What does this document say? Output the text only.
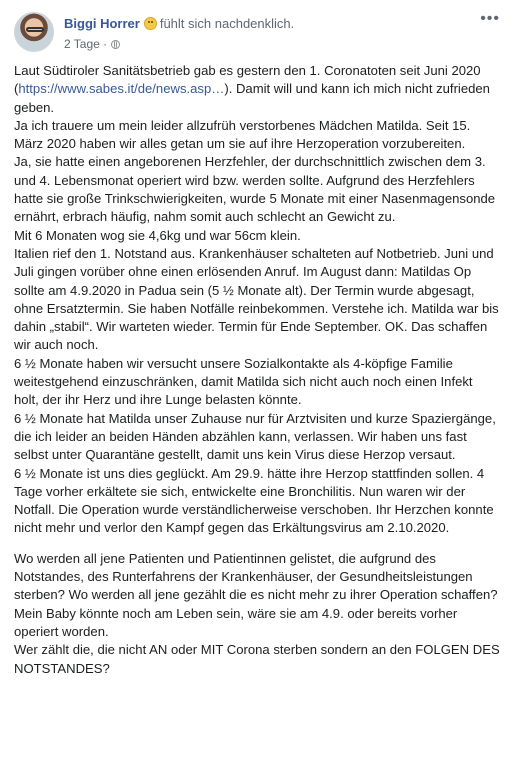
Biggi Horrer fühlt sich nachdenklich.
2 Tage ·
•••

Laut Südtiroler Sanitätsbetrieb gab es gestern den 1. Coronatoten seit Juni 2020 (https://www.sabes.it/de/news.asp…). Damit will und kann ich mich nicht zufrieden geben.

Ja ich trauere um mein leider allzufrüh verstorbenes Mädchen Matilda. Seit 15. März 2020 haben wir alles getan um sie auf ihre Herzoperation vorzubereiten.

Ja, sie hatte einen angeborenen Herzfehler, der durchschnittlich zwischen dem 3. und 4. Lebensmonat operiert wird bzw. werden sollte. Aufgrund des Herzfehlers hatte sie große Trinkschwierigkeiten, wurde 5 Monate mit einer Nasenmagensonde ernährt, erbrach häufig, nahm somit auch schlecht an Gewicht zu.

Mit 6 Monaten wog sie 4,6kg und war 56cm klein.

Italien rief den 1. Notstand aus. Krankenhäuser schalteten auf Notbetrieb. Juni und Juli gingen vorüber ohne einen erlösenden Anruf. Im August dann: Matildas Op sollte am 4.9.2020 in Padua sein (5 ½ Monate alt). Der Termin wurde abgesagt, ohne Ersatztermin. Sie haben Notfälle reinbekommen. Verstehe ich. Matilda war bis dahin „stabil“. Wir warteten wieder. Termin für Ende September. OK. Das schaffen wir auch noch.

6 ½ Monate haben wir versucht unsere Sozialkontakte als 4-köpfige Familie weitestgehend einzuschränken, damit Matilda sich nicht auch noch einen Infekt holt, der ihr Herz und ihre Lunge belasten könnte.

6 ½ Monate hat Matilda unser Zuhause nur für Arztvisiten und kurze Spaziergänge, die ich leider an beiden Händen abzählen kann, verlassen. Wir haben uns fast selbst unter Quarantäne gestellt, damit uns kein Virus diese Herzop versaut.

6 ½ Monate ist uns dies geglückt. Am 29.9. hätte ihre Herzop stattfinden sollen. 4 Tage vorher erkältete sie sich, entwickelte eine Bronchilitis. Nun waren wir der Notfall. Die Operation wurde verständlicherweise verschoben. Ihr Herzchen konnte nicht mehr und verlor den Kampf gegen das Erkältungsvirus am 2.10.2020.

Wo werden all jene Patienten und Patientinnen gelistet, die aufgrund des Notstandes, des Runterfahrens der Krankenhäuser, der Gesundheitsleistungen sterben? Wo werden all jene gezählt die es nicht mehr zu ihrer Operation schaffen? Mein Baby könnte noch am Leben sein, wäre sie am 4.9. oder bereits vorher operiert worden.

Wer zählt die, die nicht AN oder MIT Corona sterben sondern an den FOLGEN DES NOTSTANDES?
